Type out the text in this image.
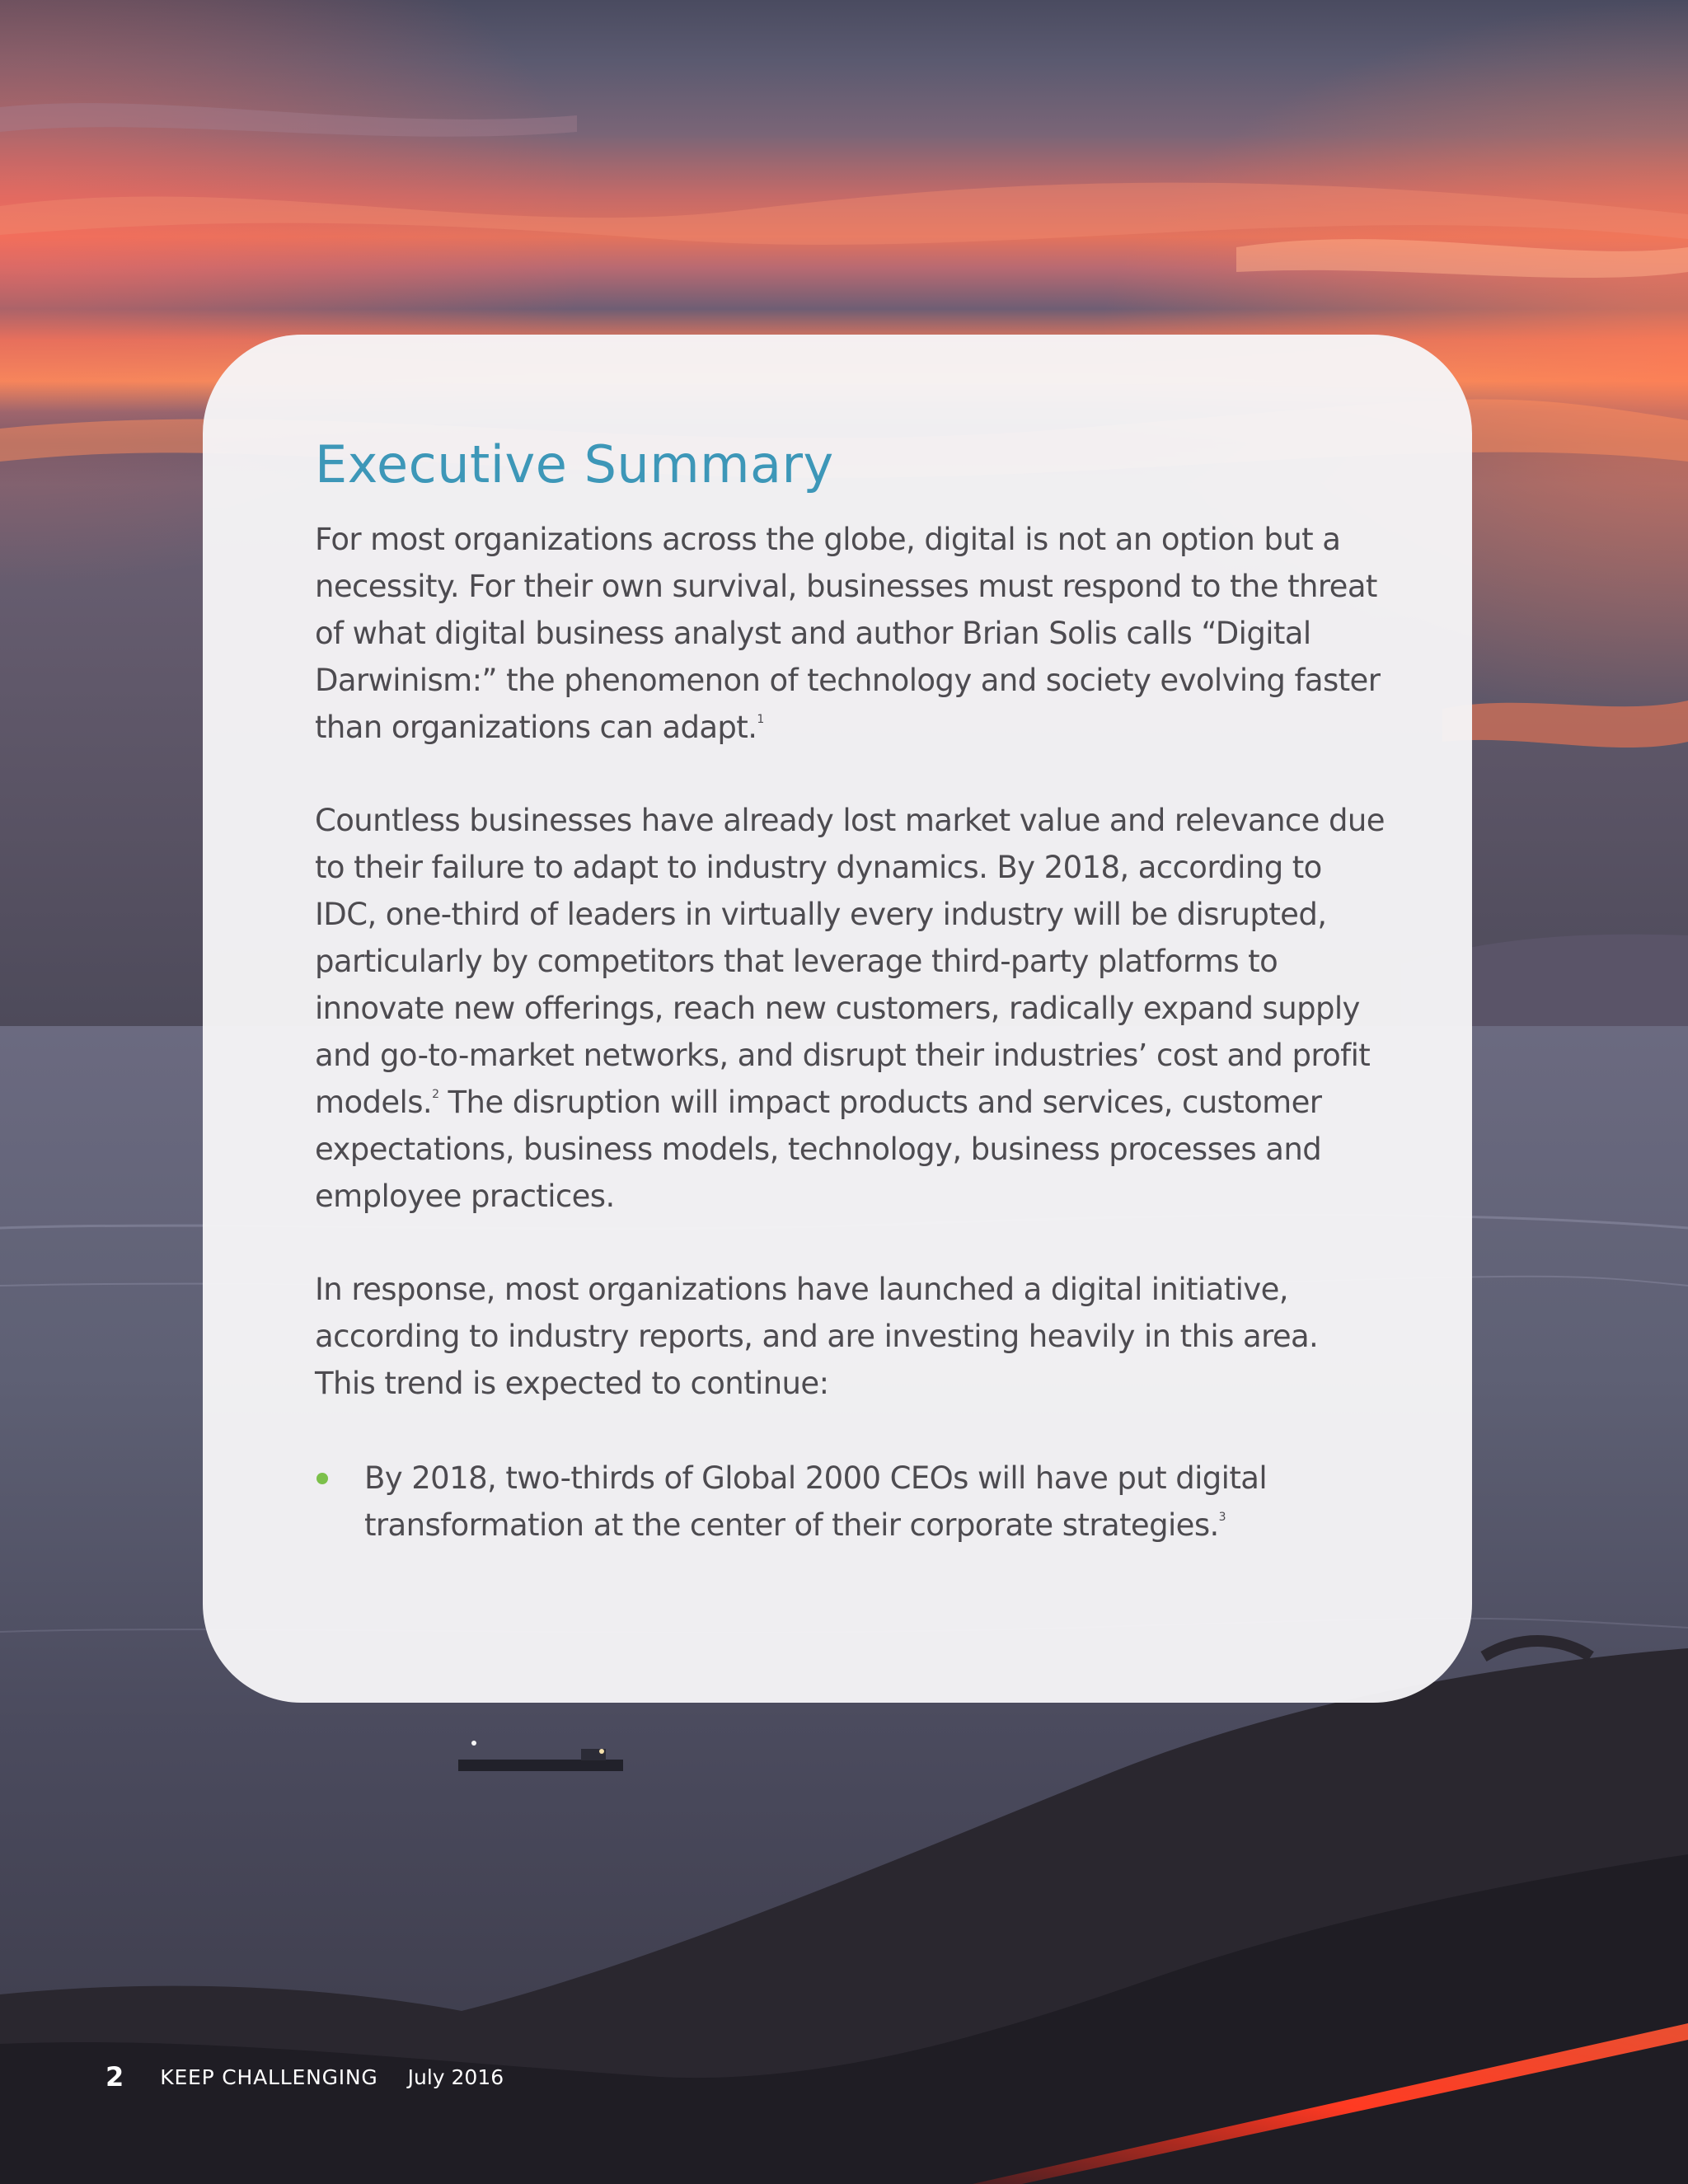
Executive Summary

For most organizations across the globe, digital is not an option but a necessity. For their own survival, businesses must respond to the threat of what digital business analyst and author Brian Solis calls “Digital Darwinism:” the phenomenon of technology and society evolving faster than organizations can adapt.$^1$

Countless businesses have already lost market value and relevance due to their failure to adapt to industry dynamics. By 2018, according to IDC, one-third of leaders in virtually every industry will be disrupted, particularly by competitors that leverage third-party platforms to innovate new offerings, reach new customers, radically expand supply and go-to-market networks, and disrupt their industries’ cost and profit models.$^2$ The disruption will impact products and services, customer expectations, business models, technology, business processes and employee practices.

In response, most organizations have launched a digital initiative, according to industry reports, and are investing heavily in this area. This trend is expected to continue:

By 2018, two-thirds of Global 2000 CEOs will have put digital transformation at the center of their corporate strategies.$^3$
2 KEEP CHALLENGING July 2016
